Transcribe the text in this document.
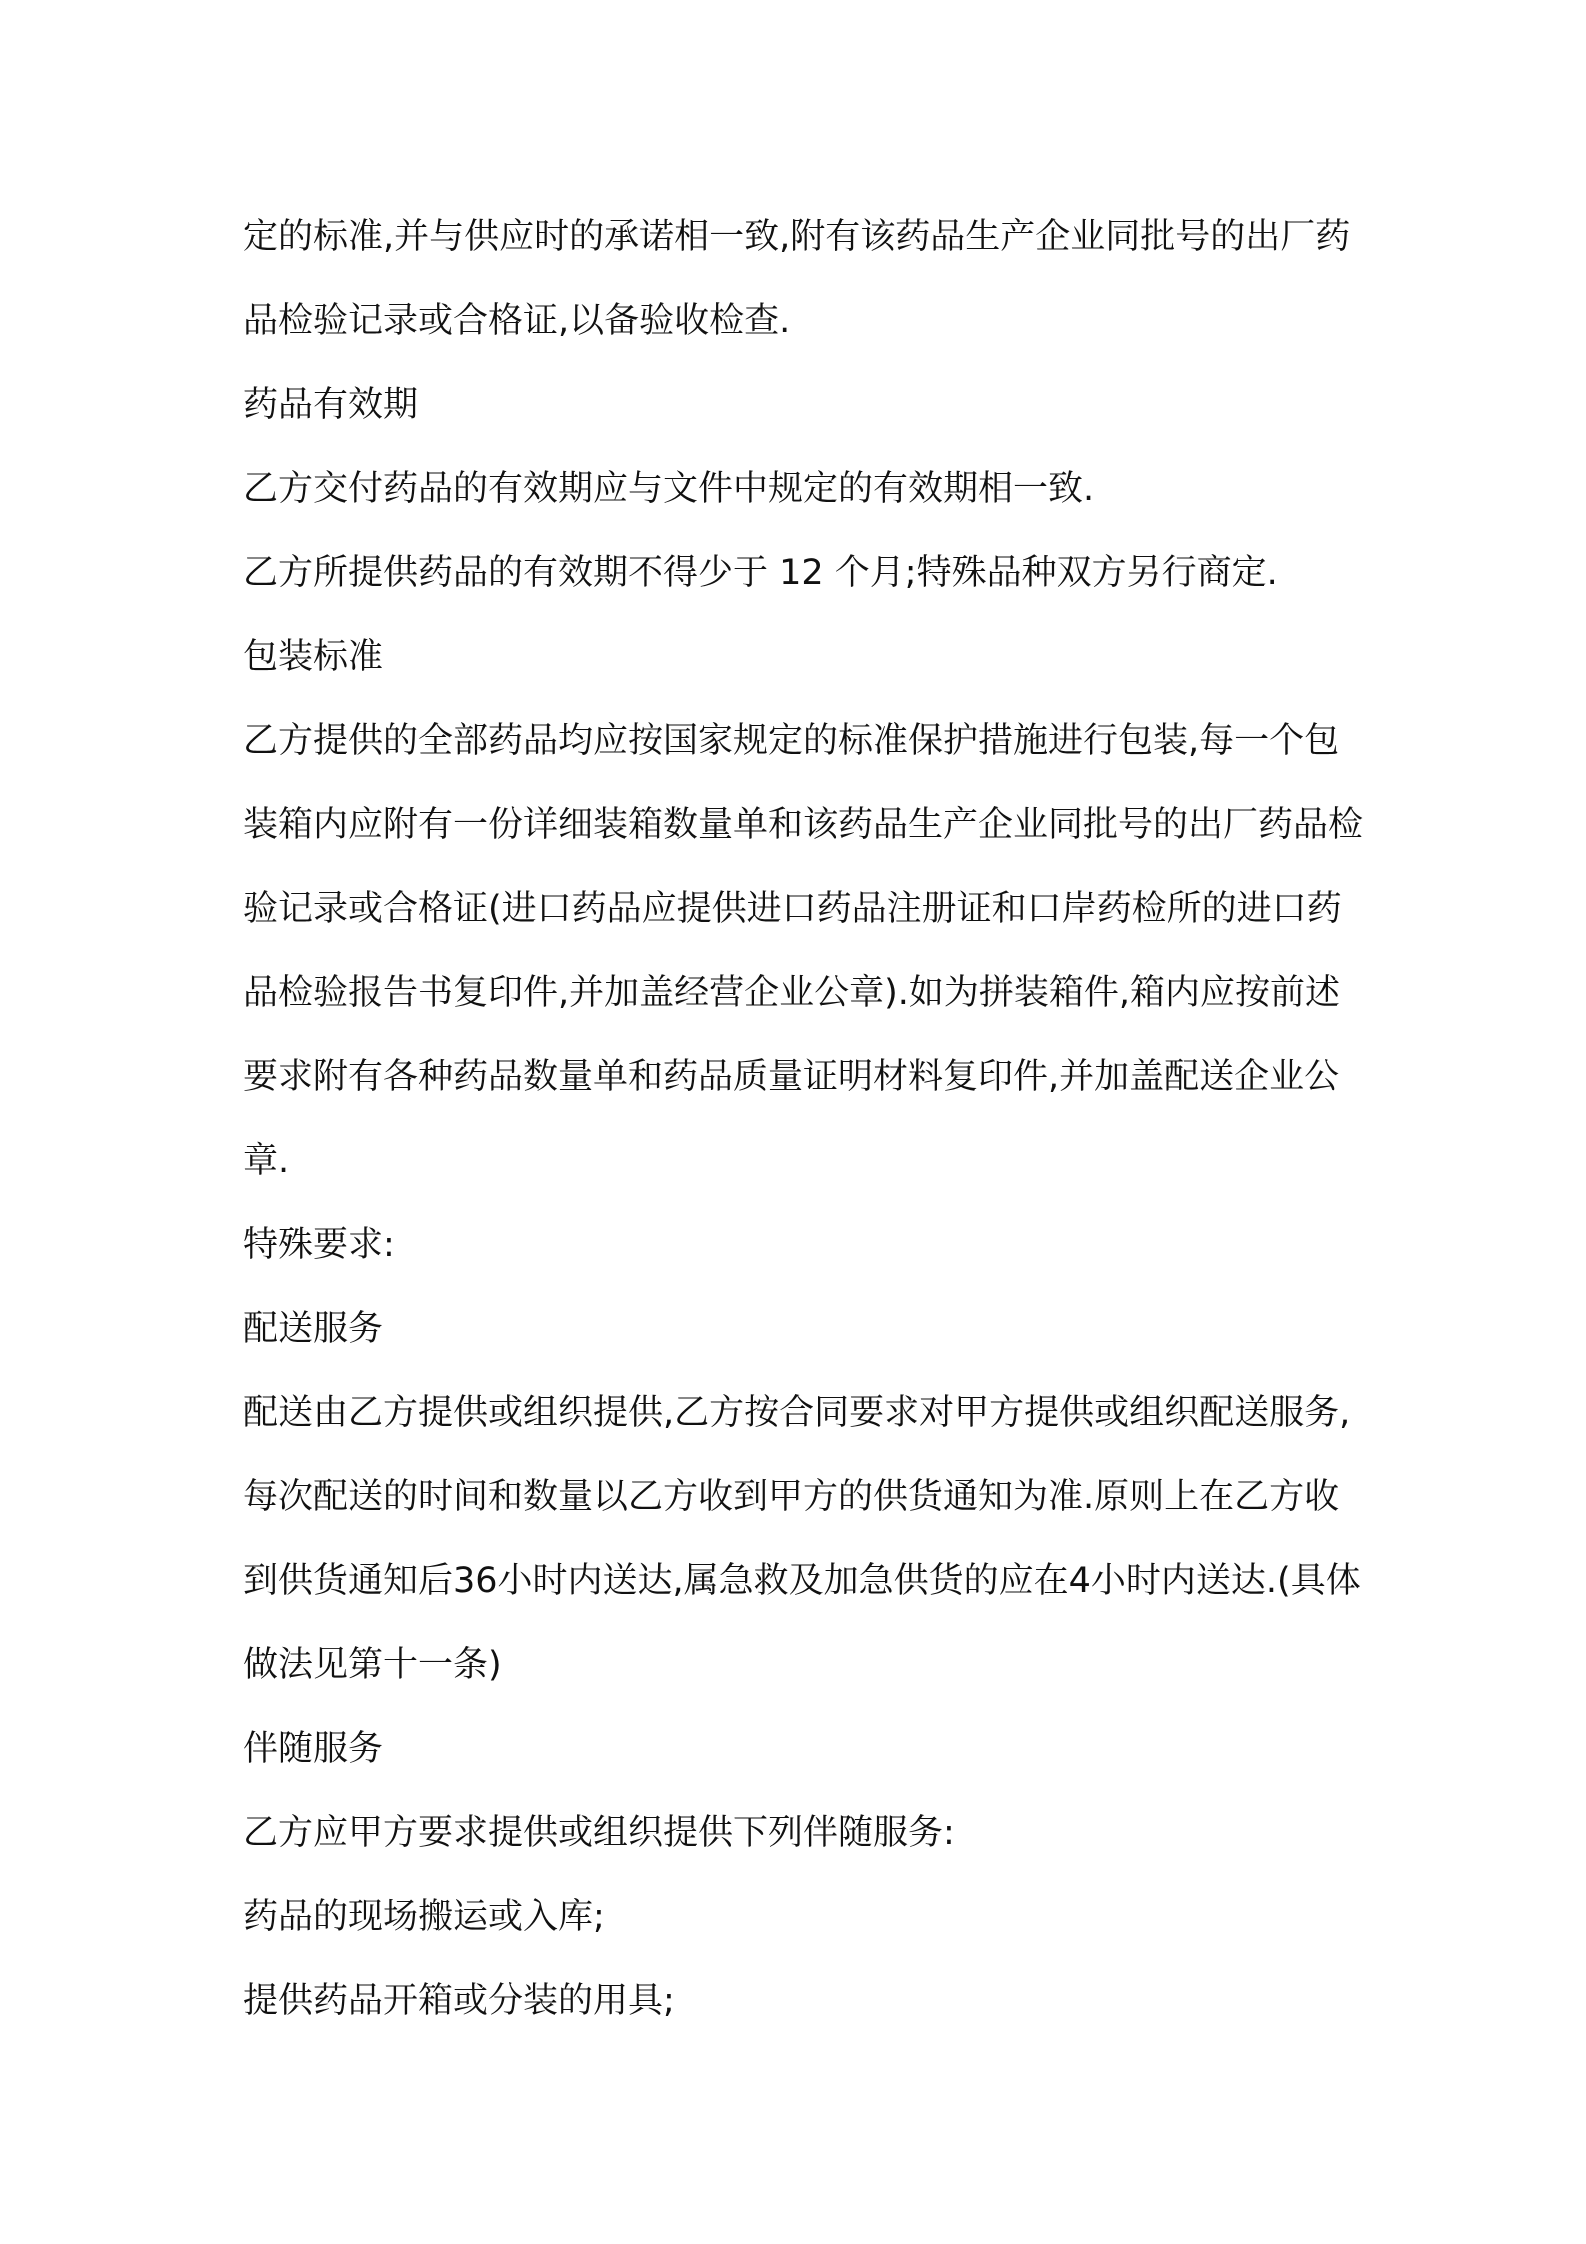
定的标准,并与供应时的承诺相一致,附有该药品生产企业同批号的出厂药品检验记录或合格证,以备验收检查.

药品有效期

乙方交付药品的有效期应与文件中规定的有效期相一致.

乙方所提供药品的有效期不得少于 12 个月;特殊品种双方另行商定.

包装标准

乙方提供的全部药品均应按国家规定的标准保护措施进行包装,每一个包装箱内应附有一份详细装箱数量单和该药品生产企业同批号的出厂药品检验记录或合格证(进口药品应提供进口药品注册证和口岸药检所的进口药品检验报告书复印件,并加盖经营企业公章).如为拼装箱件,箱内应按前述要求附有各种药品数量单和药品质量证明材料复印件,并加盖配送企业公章.

特殊要求:

配送服务

配送由乙方提供或组织提供,乙方按合同要求对甲方提供或组织配送服务,每次配送的时间和数量以乙方收到甲方的供货通知为准.原则上在乙方收到供货通知后36小时内送达,属急救及加急供货的应在4小时内送达.(具体做法见第十一条)

伴随服务

乙方应甲方要求提供或组织提供下列伴随服务:

药品的现场搬运或入库;

提供药品开箱或分装的用具;
